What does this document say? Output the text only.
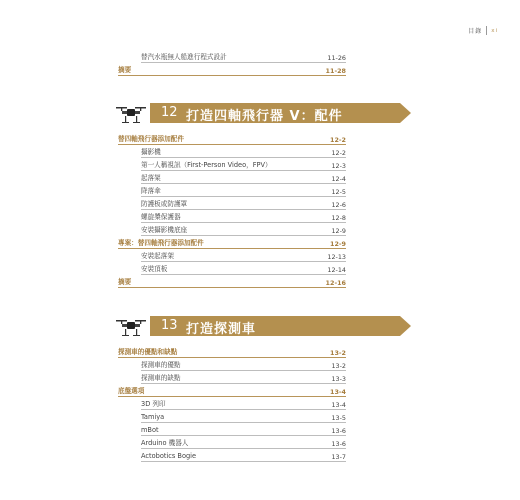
目錄 xi
替汽水瓶無人船進行程式設計	11-26
摘要	11-28
12 打造四軸飛行器 V：配件
替四軸飛行器添加配件	12-2
攝影機	12-2
第一人稱視訊（First-Person Video，FPV）	12-3
起落架	12-4
降落傘	12-5
防護板或防護罩	12-6
螺旋槳保護器	12-8
安裝攝影機底座	12-9
專案：替四軸飛行器添加配件	12-9
安裝起落架	12-13
安裝頂板	12-14
摘要	12-16
13 打造探測車
探測車的優點和缺點	13-2
探測車的優點	13-2
探測車的缺點	13-3
底盤選項	13-4
3D 列印	13-4
Tamiya	13-5
mBot	13-6
Arduino 機器人	13-6
Actobotics Bogie	13-7
